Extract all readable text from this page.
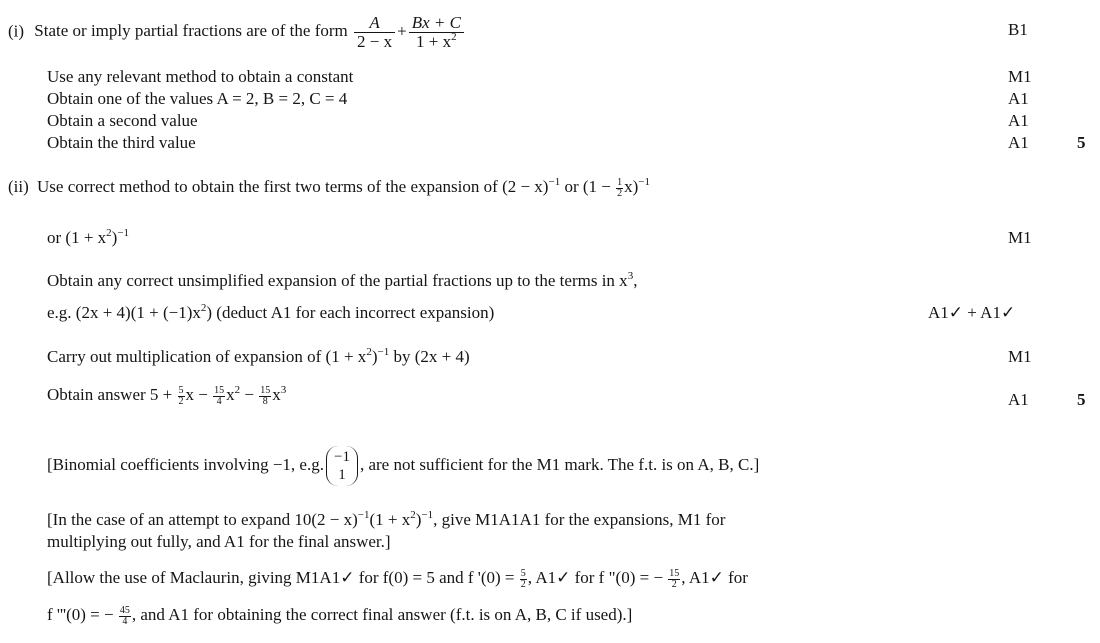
(i) State or imply partial fractions are of the form $\frac{A}{2 - x} + \frac{Bx + C}{1 + x^2}$	B1
Use any relevant method to obtain a constant	M1
Obtain one of the values A = 2, B = 2, C = 4	A1
Obtain a second value	A1
Obtain the third value	A1	5
(ii) Use correct method to obtain the first two terms of the expansion of $(2 - x)^{-1}$ or $(1 - \frac{1}{2} x)^{-1}$
or $(1 + x^2)^{-1}$	M1
Obtain any correct unsimplified expansion of the partial fractions up to the terms in $x^3$,
e.g. $(2x + 4)(1 + (-1)x^2)$ (deduct A1 for each incorrect expansion)	A1✓ + A1✓
Carry out multiplication of expansion of $(1 + x^2)^{-1}$ by (2x + 4)	M1
Obtain answer $5 + \frac{5}{2}$ $x - \frac{15}{4} x^2 - \frac{15}{8} x^3$	A1	5
[Binomial coefficients involving −1, e.g. −1
1
, are not sufficient for the M1 mark. The f.t. is on A, B, C.]
[In the case of an attempt to expand $10(2 - x)^{-1}(1 + x^2)^{-1}$, give M1A1A1 for the expansions, M1 for
multiplying out fully, and A1 for the final answer.]
[Allow the use of Maclaurin, giving M1A1✓ for f(0) = 5 and f '$(0) = \frac{5}{2}$ , A1✓ for f "(0) = − $\frac{15}{2}$ , A1✓ for
f '''(0) = − $\frac{45}{4}$ , and A1 for obtaining the correct final answer (f.t. is on A, B, C if used).]
